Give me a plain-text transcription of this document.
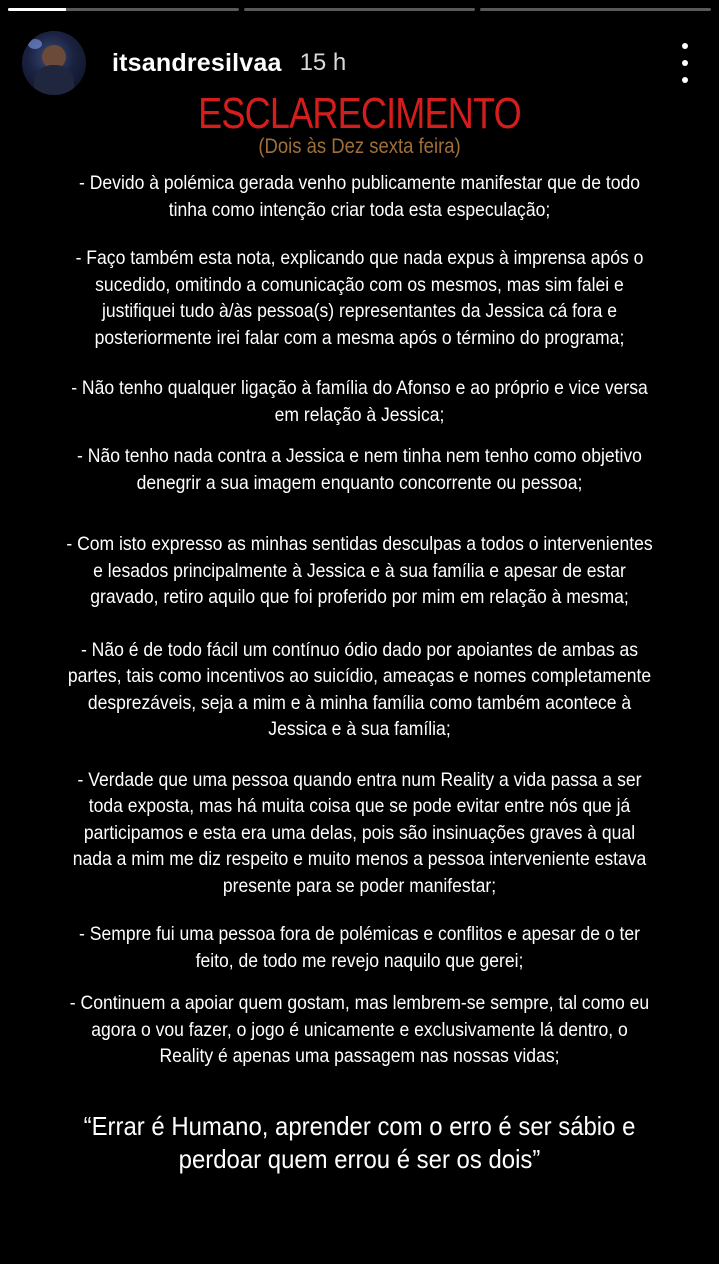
itsandresilvaa 15 h
ESCLARECIMENTO
(Dois às Dez sexta feira)

- Devido à polémica gerada venho publicamente manifestar que de todo tinha como intenção criar toda esta especulação;

- Faço também esta nota, explicando que nada expus à imprensa após o sucedido, omitindo a comunicação com os mesmos, mas sim falei e justifiquei tudo à/às pessoa(s) representantes da Jessica cá fora e posteriormente irei falar com a mesma após o término do programa;

- Não tenho qualquer ligação à família do Afonso e ao próprio e vice versa em relação à Jessica;

- Não tenho nada contra a Jessica e nem tinha nem tenho como objetivo denegrir a sua imagem enquanto concorrente ou pessoa;

- Com isto expresso as minhas sentidas desculpas a todos o intervenientes e lesados principalmente à Jessica e à sua família e apesar de estar gravado, retiro aquilo que foi proferido por mim em relação à mesma;

- Não é de todo fácil um contínuo ódio dado por apoiantes de ambas as partes, tais como incentivos ao suicídio, ameaças e nomes completamente desprezáveis, seja a mim e à minha família como também acontece à Jessica e à sua família;

- Verdade que uma pessoa quando entra num Reality a vida passa a ser toda exposta, mas há muita coisa que se pode evitar entre nós que já participamos e esta era uma delas, pois são insinuações graves à qual nada a mim me diz respeito e muito menos a pessoa interveniente estava presente para se poder manifestar;

- Sempre fui uma pessoa fora de polémicas e conflitos e apesar de o ter feito, de todo me revejo naquilo que gerei;

- Continuem a apoiar quem gostam, mas lembrem-se sempre, tal como eu agora o vou fazer, o jogo é unicamente e exclusivamente lá dentro, o Reality é apenas uma passagem nas nossas vidas;

“Errar é Humano, aprender com o erro é ser sábio e perdoar quem errou é ser os dois”
